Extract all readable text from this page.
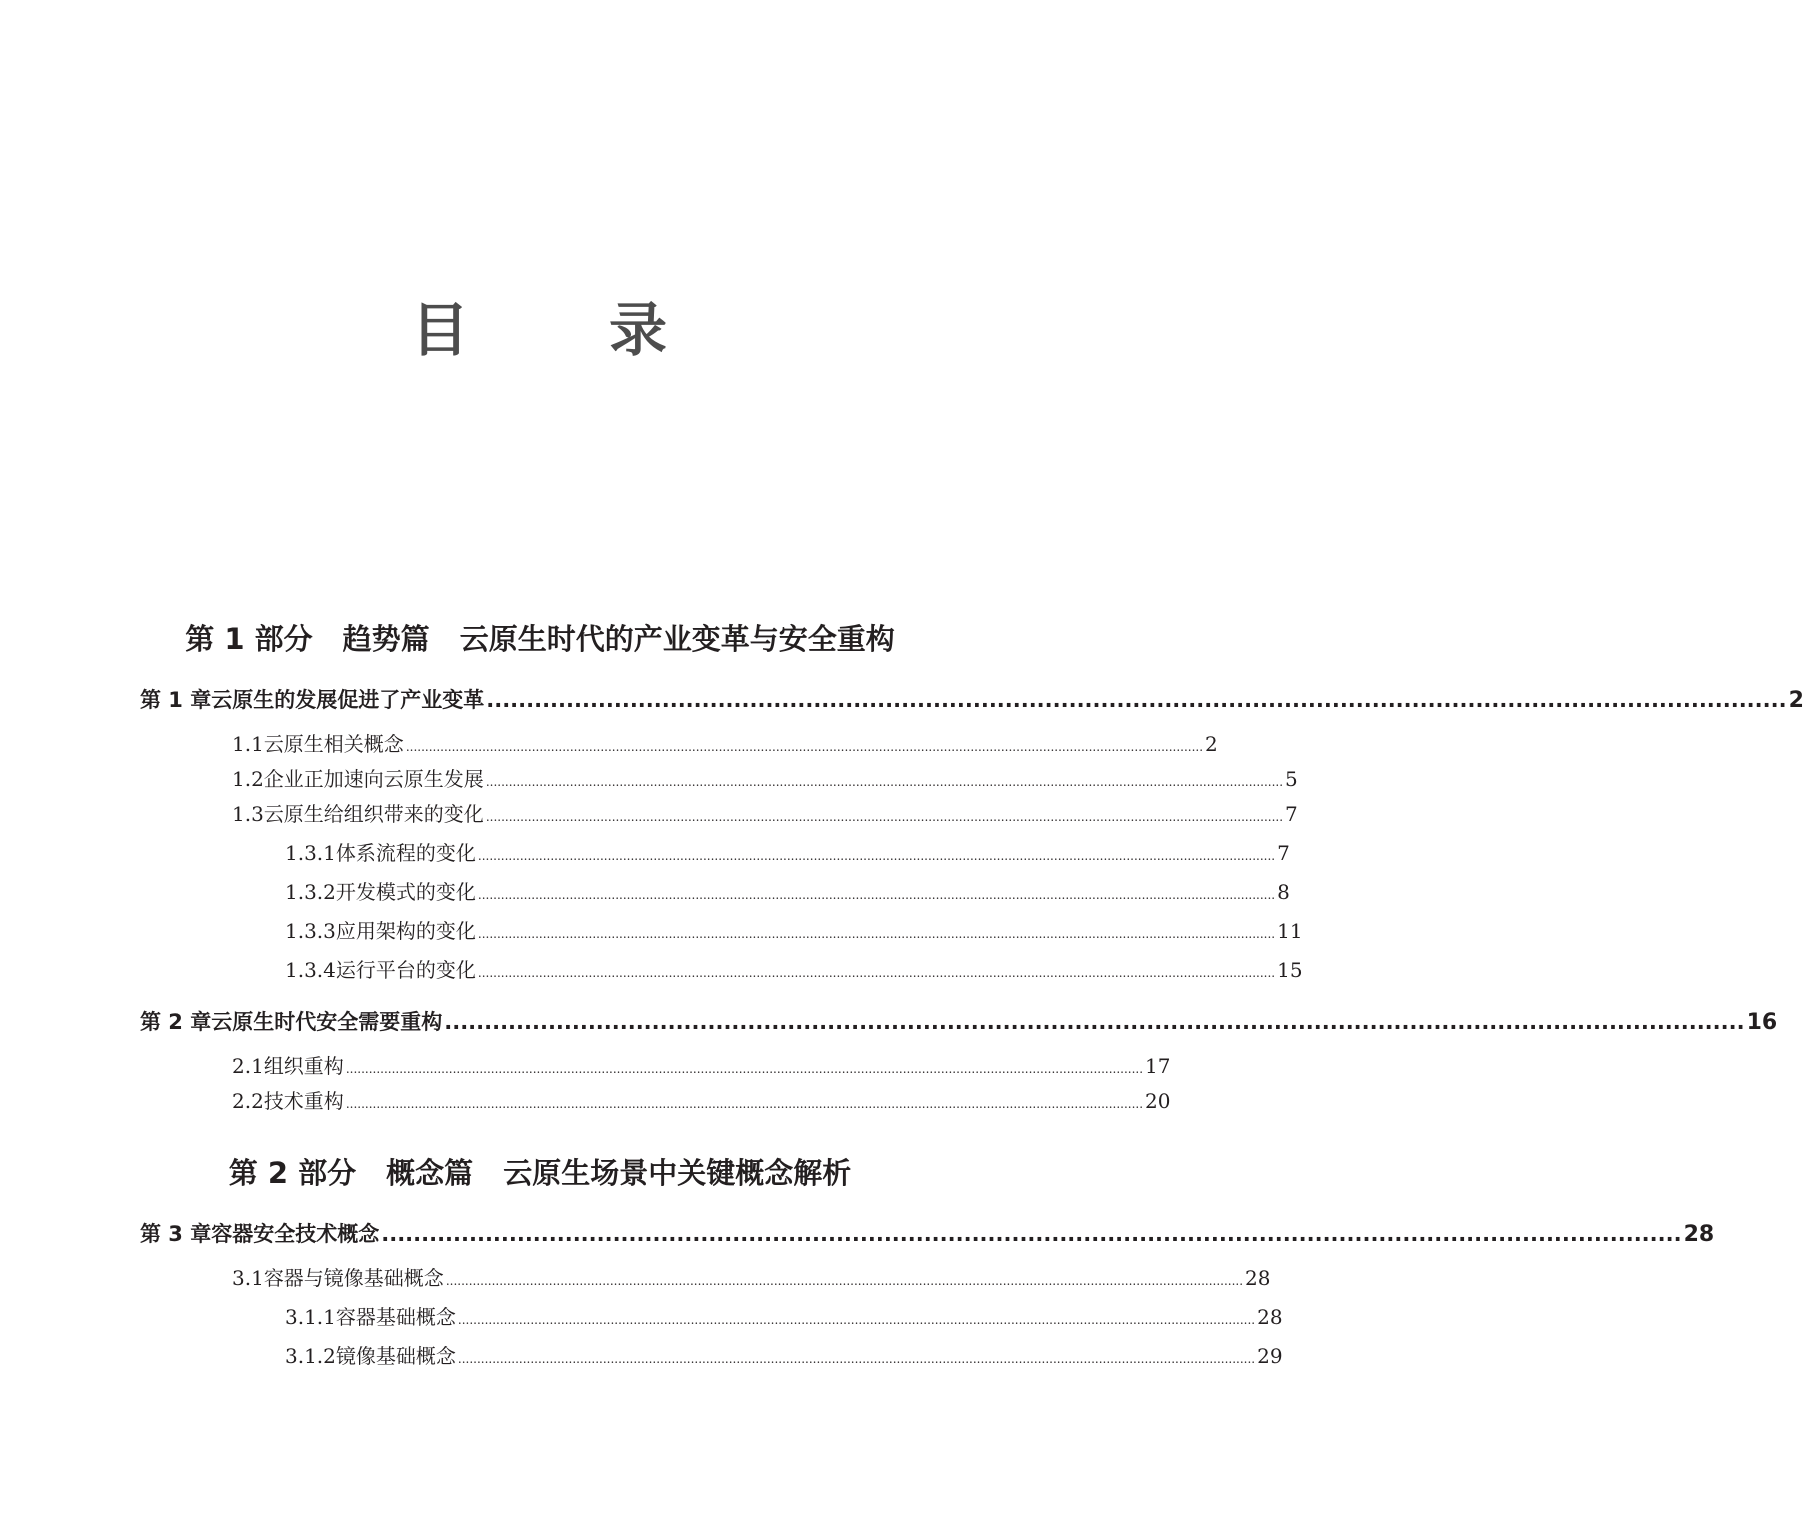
目 录
第 1 部分 趋势篇 云原生时代的产业变革与安全重构
第 1 章 云原生的发展促进了产业变革 ................................................................................................................................................................... 2
1.1 云原生相关概念 ................................................................................................................................................................................................................. 2
1.2 企业正加速向云原生发展 ................................................................................................................................................................................................................. 5
1.3 云原生给组织带来的变化 ................................................................................................................................................................................................................. 7
1.3.1 体系流程的变化 ................................................................................................................................................................................................................. 7
1.3.2 开发模式的变化 ................................................................................................................................................................................................................. 8
1.3.3 应用架构的变化 ................................................................................................................................................................................................................. 11
1.3.4 运行平台的变化 ................................................................................................................................................................................................................. 15
第 2 章 云原生时代安全需要重构 ................................................................................................................................................................... 16
2.1 组织重构 ................................................................................................................................................................................................................. 17
2.2 技术重构 ................................................................................................................................................................................................................. 20
第 2 部分 概念篇 云原生场景中关键概念解析
第 3 章 容器安全技术概念 ................................................................................................................................................................... 28
3.1 容器与镜像基础概念 ................................................................................................................................................................................................................. 28
3.1.1 容器基础概念 ................................................................................................................................................................................................................. 28
3.1.2 镜像基础概念 ................................................................................................................................................................................................................. 29
